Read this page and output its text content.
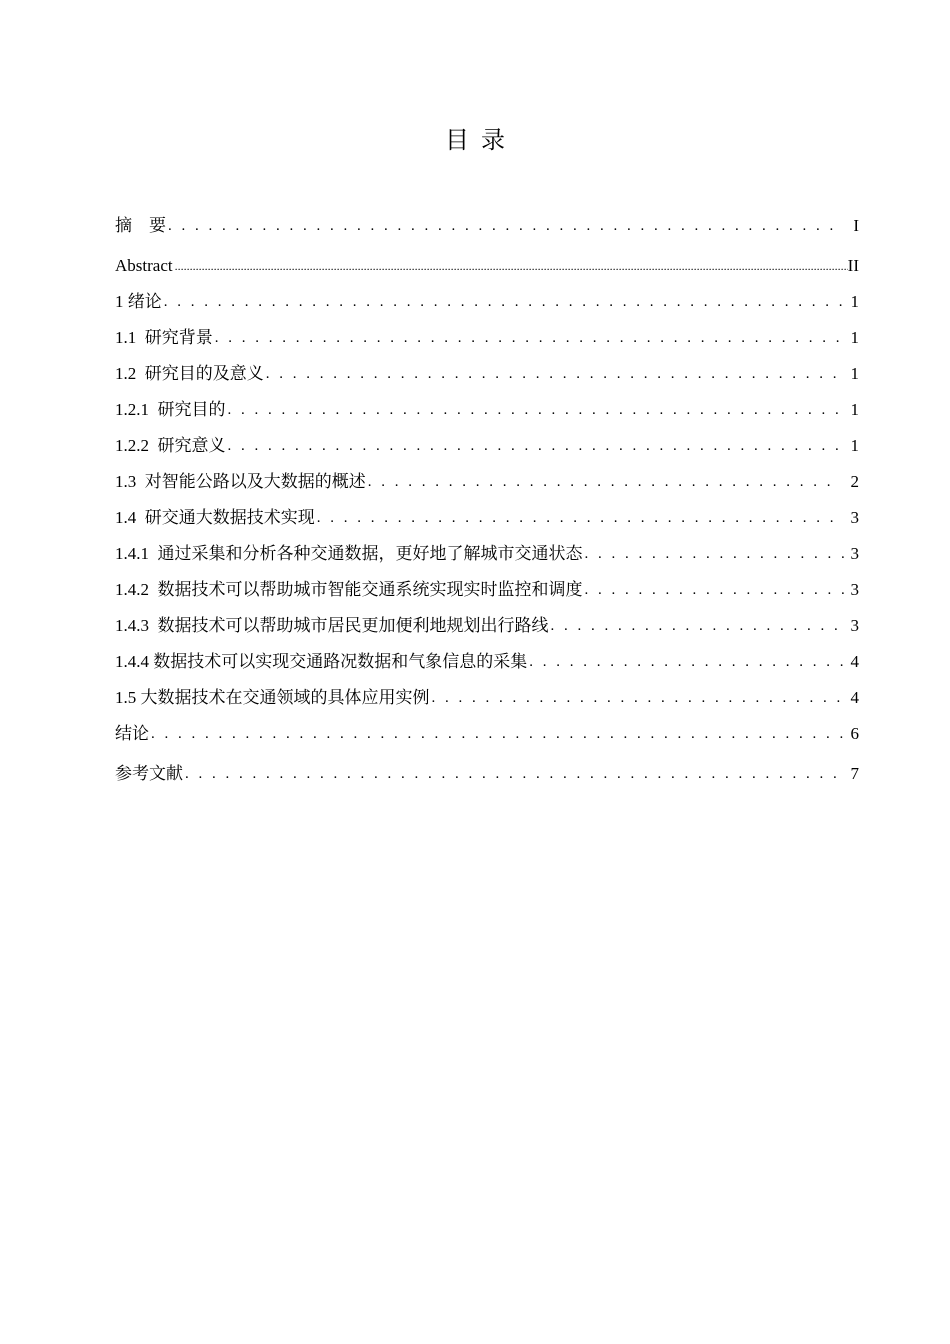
目  录
摘    要 . . .	I
Abstract .....	II
1 绪论 . . .	1
1.1  研究背景 . . .	1
1.2  研究目的及意义 . . .	1
1.2.1  研究目的 . . .	1
1.2.2  研究意义 . . .	1
1.3  对智能公路以及大数据的概述 . . .	2
1.4  研交通大数据技术实现 . . .	3
1.4.1  通过采集和分析各种交通数据，更好地了解城市交通状态 . . .	3
1.4.2  数据技术可以帮助城市智能交通系统实现实时监控和调度 . . .	3
1.4.3  数据技术可以帮助城市居民更加便利地规划出行路线 . . .	3
1.4.4 数据技术可以实现交通路况数据和气象信息的采集 . . .	4
1.5 大数据技术在交通领域的具体应用实例 . . .	4
结论 . . .	6
参考文献 . . .	7
